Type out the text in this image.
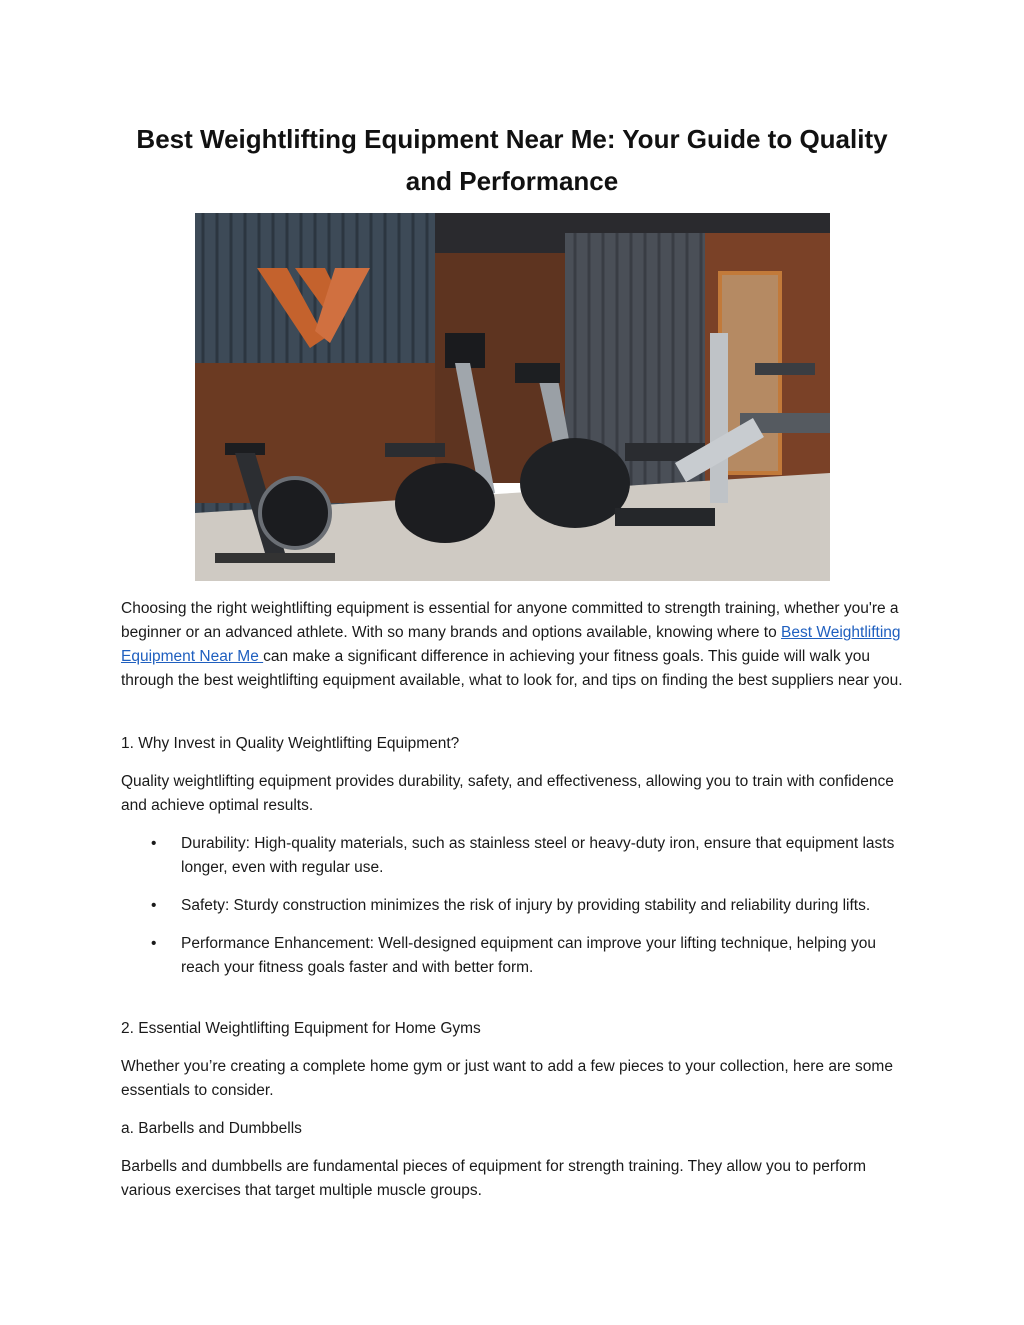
Best Weightlifting Equipment Near Me: Your Guide to Quality
and Performance

Choosing the right weightlifting equipment is essential for anyone committed to strength training, whether you're a beginner or an advanced athlete. With so many brands and options available, knowing where to Best Weightlifting Equipment Near Me can make a significant difference in achieving your fitness goals. This guide will walk you through the best weightlifting equipment available, what to look for, and tips on finding the best suppliers near you.

1. Why Invest in Quality Weightlifting Equipment?

Quality weightlifting equipment provides durability, safety, and effectiveness, allowing you to train with confidence and achieve optimal results.

• Durability: High-quality materials, such as stainless steel or heavy-duty iron, ensure that equipment lasts longer, even with regular use.
• Safety: Sturdy construction minimizes the risk of injury by providing stability and reliability during lifts.
• Performance Enhancement: Well-designed equipment can improve your lifting technique, helping you reach your fitness goals faster and with better form.

2. Essential Weightlifting Equipment for Home Gyms

Whether you’re creating a complete home gym or just want to add a few pieces to your collection, here are some essentials to consider.

a. Barbells and Dumbbells

Barbells and dumbbells are fundamental pieces of equipment for strength training. They allow you to perform various exercises that target multiple muscle groups.
